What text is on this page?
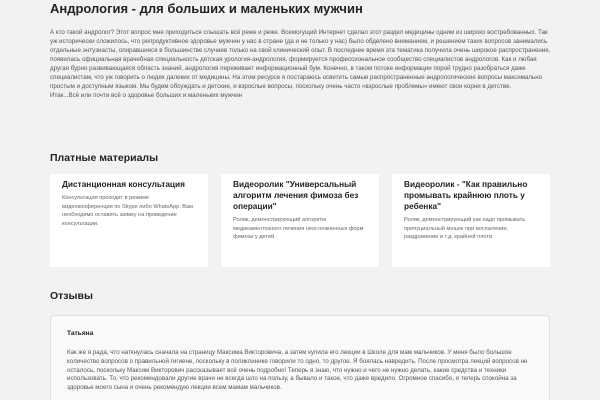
Андрология - для больших и маленьких мужчин

А кто такой андролог? Этот вопрос мне приходиться слышать всё реже и реже. Всемогущий Интернет сделал этот раздел медицины одним из широко востребованных. Так уж исторически сложилось, что репродуктивное здоровье мужчин у нас в стране (да и не только у нас) было обделено вниманием, и решением таких вопросов занимались отдельные энтузиасты, опиравшиеся в большинстве случаев только на свой клинический опыт. В последнее время эта тематика получила очень широкое распространение, появилась официальная врачебная специальность детская урология-андрология, формируется профессиональное сообщество специалистов андрологов. Как и любая другая бурно развивающаяся область знаний, андрология переживает информационный бум. Конечно, в таком потоке информации порой трудно разобраться даже специалистам, что уж говорить о людях далеких от медицины. На этом ресурсе я постараюсь осветить самые распространенные андрологические вопросы максимально простым и доступным языком. Мы будем обсуждать и детские, и взрослые вопросы, поскольку очень часто «взрослые проблемы» имеют свои корни в детстве.

Итак...Всё или почти всё о здоровье больших и маленьких мужчин

Платные материалы
Дистанционная консультация
Консультация проходит в режиме видеоконференции по Skype либо WhatsApp. Вам необходимо оставить заявку на проведение консультации.
Видеоролик "Универсальный алгоритм лечения фимоза без операции"
Ролик, демонстрирующий алгоритм медикаментозного лечения неосложненных форм фимоза у детей.
Видеоролик - "Как правильно промывать крайнюю плоть у ребенка"
Ролик, демонстрирующий как надо промывать препуциальный мешок при воспалении, раздражении и т.д. крайней плоти.
Отзывы
Татьяна
Как же я рада, что наткнулась сначала на страницу Максима Викторовича, а затем купила его лекции в Школе для мам мальчиков. У меня было большое количество вопросов о правильной гигиене, поскольку в поликлинике говорили то одно, то другое. Я боялась навредить. После просмотра лекций вопросов не осталось, поскольку Максим Викторович рассказывает всё очень подробно! Теперь я знаю, что нужно и чего не нужно делать, какие средства и техники использовать. То, что рекомендовали другие врачи не всегда шло на пользу, а бывало и такое, что даже вредило. Огромное спасибо, я теперь спокойна за здоровье моего сына и очень рекомендую лекции всем мамам мальчиков.
